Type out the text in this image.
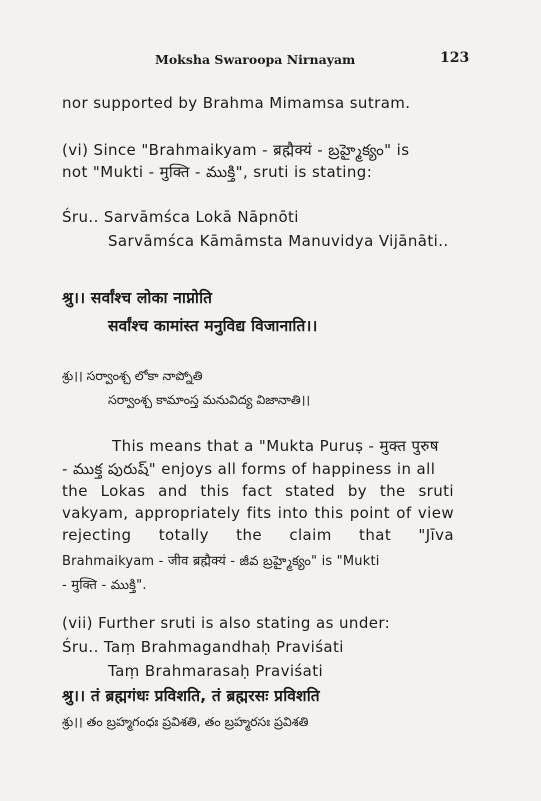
Moksha Swaroopa Nirnayam	123
nor supported by Brahma Mimamsa sutram.
(vi) Since "Brahmaikyam - ब्रह्मैक्यं - బ్రహ్మైక్యం" is
not "Mukti - मुक्ति - ముక్తి", sruti is stating:
Śru.. Sarvāmśca Lokā Nāpnōti
Sarvāmśca Kāmāmsta Manuvidya Vijānāti..
श्रु।। सर्वांश्च लोका नाप्नोति
सर्वांश्च कामांस्त मनुविद्य विजानाति।।
శ్రు।। సర్వాంశ్చ లోకా నాప్నోతి
సర్వాంశ్చ కామాంస్త మనువిద్య విజానాతి।।
This means that a "Mukta Puruṣ - मुक्त पुरुष
- ముక్త పురుష్" enjoys all forms of happiness in all
the Lokas and this fact stated by the sruti
vakyam, appropriately fits into this point of view
rejecting totally the claim that "Jīva
Brahmaikyam - जीव ब्रह्मैक्यं - జీవ బ్రహ్మైక్యం" is "Mukti
- मुक्ति - ముక్తి".
(vii) Further sruti is also stating as under:
Śru.. Taṃ Brahmagandhaḥ Praviśati
Taṃ Brahmarasaḥ Praviśati
श्रु।। तं ब्रह्मगंधः प्रविशति, तं ब्रह्मरसः प्रविशति
శ్రు।। తం బ్రహ్మగంధః ప్రవిశతి, తం బ్రహ్మరసః ప్రవిశతి
